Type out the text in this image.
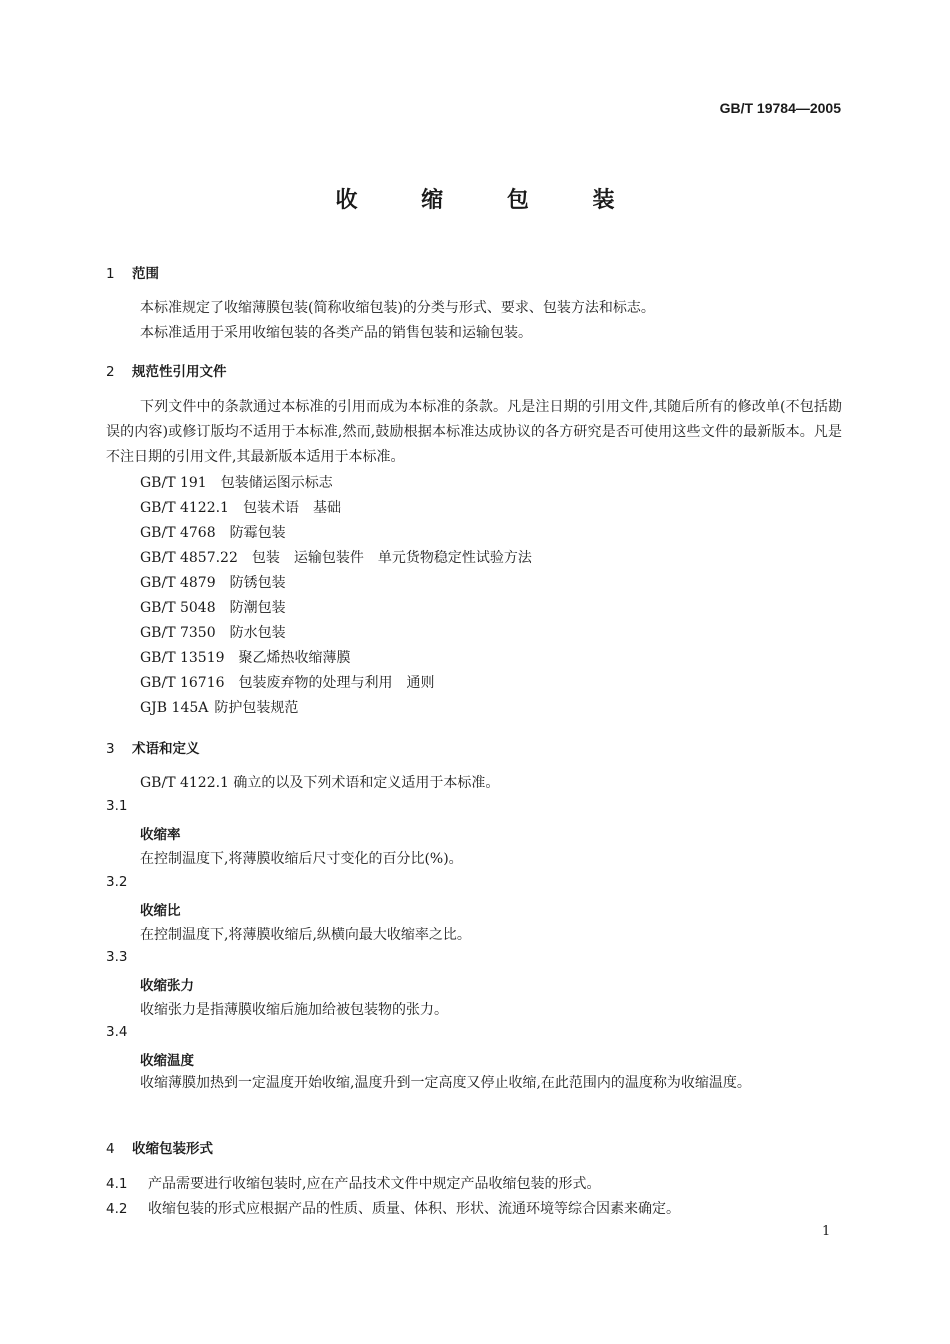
GB/T 19784—2005
收 缩 包 装
1 范围
本标准规定了收缩薄膜包装(简称收缩包装)的分类与形式、要求、包装方法和标志。
本标准适用于采用收缩包装的各类产品的销售包装和运输包装。
2 规范性引用文件
下列文件中的条款通过本标准的引用而成为本标准的条款。凡是注日期的引用文件,其随后所有的修改单(不包括勘误的内容)或修订版均不适用于本标准,然而,鼓励根据本标准达成协议的各方研究是否可使用这些文件的最新版本。凡是不注日期的引用文件,其最新版本适用于本标准。
GB/T 191 包装储运图示标志
GB/T 4122.1 包装术语　基础
GB/T 4768 防霉包装
GB/T 4857.22 包装　运输包装件　单元货物稳定性试验方法
GB/T 4879 防锈包装
GB/T 5048 防潮包装
GB/T 7350 防水包装
GB/T 13519 聚乙烯热收缩薄膜
GB/T 16716 包装废弃物的处理与利用　通则
GJB 145A 防护包装规范
3 术语和定义
GB/T 4122.1 确立的以及下列术语和定义适用于本标准。
3.1
收缩率
在控制温度下,将薄膜收缩后尺寸变化的百分比(%)。
3.2
收缩比
在控制温度下,将薄膜收缩后,纵横向最大收缩率之比。
3.3
收缩张力
收缩张力是指薄膜收缩后施加给被包装物的张力。
3.4
收缩温度
收缩薄膜加热到一定温度开始收缩,温度升到一定高度又停止收缩,在此范围内的温度称为收缩温度。
4 收缩包装形式
4.1 产品需要进行收缩包装时,应在产品技术文件中规定产品收缩包装的形式。
4.2 收缩包装的形式应根据产品的性质、质量、体积、形状、流通环境等综合因素来确定。
1
